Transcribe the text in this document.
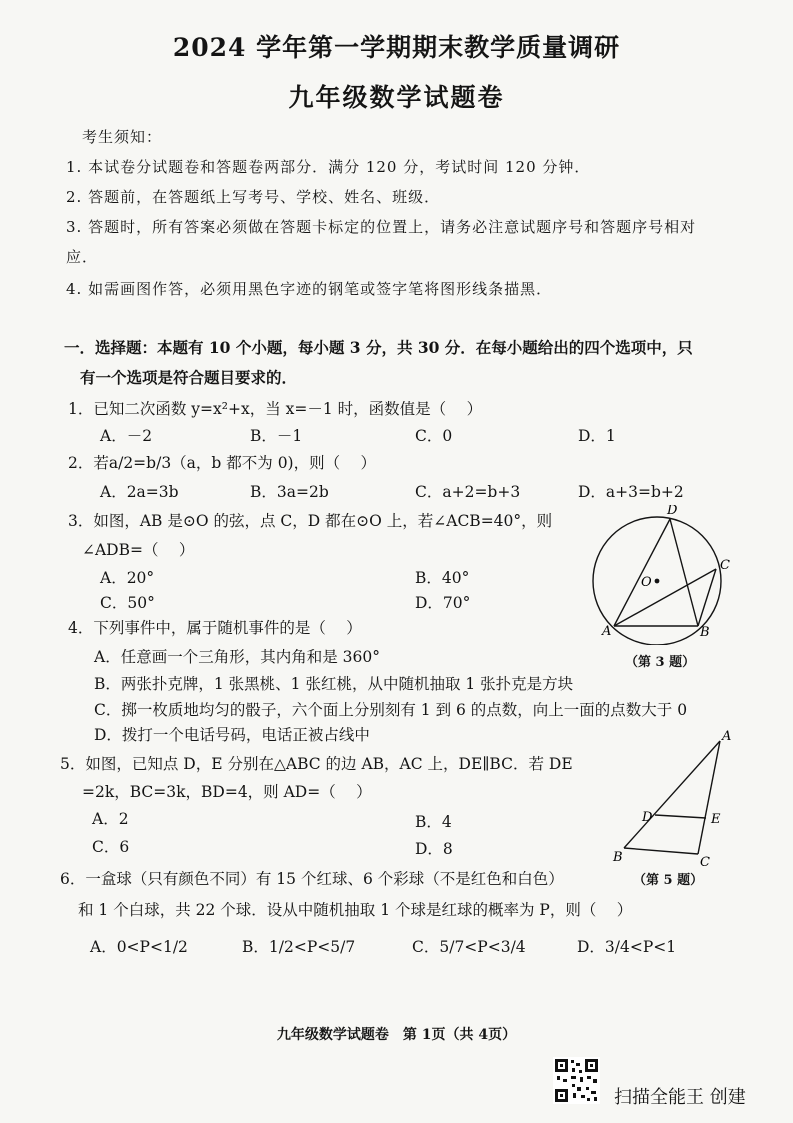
2024 学年第一学期期末教学质量调研
九年级数学试题卷
考生须知：
1. 本试卷分试题卷和答题卷两部分．满分 120 分，考试时间 120 分钟．
2. 答题前，在答题纸上写考号、学校、姓名、班级．
3. 答题时，所有答案必须做在答题卡标定的位置上，请务必注意试题序号和答题序号相对
应．
4. 如需画图作答，必须用黑色字迹的钢笔或签字笔将图形线条描黑．
一．选择题：本题有 10 个小题，每小题 3 分，共 30 分．在每小题给出的四个选项中，只
有一个选项是符合题目要求的．
1．已知二次函数 y=x²+x，当 x=－1 时，函数值是（　 ）
A．－2	B．－1	C．0	D．1
2．若a/2=b/3（a，b 都不为 0)，则（　 ）
A．2a=3b	B．3a=2b	C．a+2=b+3	D．a+3=b+2
3．如图，AB 是⊙O 的弦，点 C，D 都在⊙O 上，若∠ACB=40°，则
∠ADB=（　 ）
A．20°	B．40°
C．50°	D．70°
D
C
O
A	B
（第 3 题）
4．下列事件中，属于随机事件的是（　 ）
A．任意画一个三角形，其内角和是 360°
B．两张扑克牌，1 张黑桃、1 张红桃，从中随机抽取 1 张扑克是方块
C．掷一枚质地均匀的骰子，六个面上分别刻有 1 到 6 的点数，向上一面的点数大于 0
D．拨打一个电话号码，电话正被占线中
5．如图，已知点 D，E 分别在△ABC 的边 AB，AC 上，DE∥BC．若 DE
=2k，BC=3k，BD=4，则 AD=（　 ）
A．2	B．4
C．6	D．8
A
D	E
B	C
（第 5 题）
6．一盒球（只有颜色不同）有 15 个红球、6 个彩球（不是红色和白色）
和 1 个白球，共 22 个球．设从中随机抽取 1 个球是红球的概率为 P，则（　 ）
A．0<P<1/2	B．1/2<P<5/7	C．5/7<P<3/4	D．3/4<P<1
九年级数学试题卷　第 1页（共 4页）
扫描全能王 创建
